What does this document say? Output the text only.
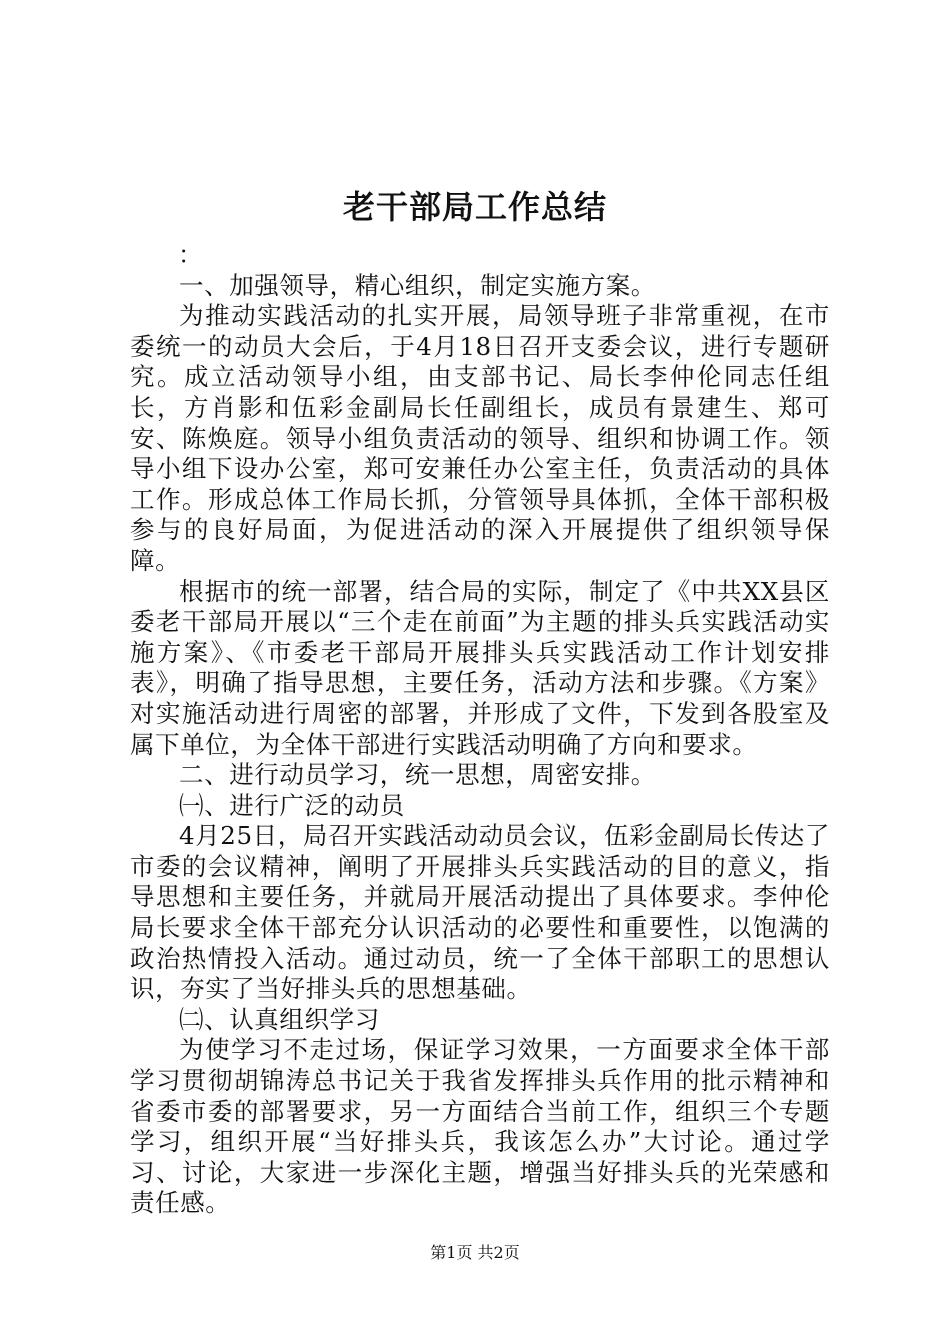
老干部局工作总结

：

一、加强领导，精心组织，制定实施方案。

为推动实践活动的扎实开展，局领导班子非常重视，在市委统一的动员大会后，于4月18日召开支委会议，进行专题研究。成立活动领导小组，由支部书记、局长李仲伦同志任组长，方肖影和伍彩金副局长任副组长，成员有景建生、郑可安、陈焕庭。领导小组负责活动的领导、组织和协调工作。领导小组下设办公室，郑可安兼任办公室主任，负责活动的具体工作。形成总体工作局长抓，分管领导具体抓，全体干部积极参与的良好局面，为促进活动的深入开展提供了组织领导保障。

根据市的统一部署，结合局的实际，制定了《中共XX县区委老干部局开展以“三个走在前面”为主题的排头兵实践活动实施方案》、《市委老干部局开展排头兵实践活动工作计划安排表》，明确了指导思想，主要任务，活动方法和步骤。《方案》对实施活动进行周密的部署，并形成了文件，下发到各股室及属下单位，为全体干部进行实践活动明确了方向和要求。

二、进行动员学习，统一思想，周密安排。

㈠、进行广泛的动员

4月25日，局召开实践活动动员会议，伍彩金副局长传达了市委的会议精神，阐明了开展排头兵实践活动的目的意义，指导思想和主要任务，并就局开展活动提出了具体要求。李仲伦局长要求全体干部充分认识活动的必要性和重要性，以饱满的政治热情投入活动。通过动员，统一了全体干部职工的思想认识，夯实了当好排头兵的思想基础。

㈡、认真组织学习

为使学习不走过场，保证学习效果，一方面要求全体干部学习贯彻胡锦涛总书记关于我省发挥排头兵作用的批示精神和省委市委的部署要求，另一方面结合当前工作，组织三个专题学习，组织开展“当好排头兵，我该怎么办”大讨论。通过学习、讨论，大家进一步深化主题，增强当好排头兵的光荣感和责任感。

第1页 共2页
